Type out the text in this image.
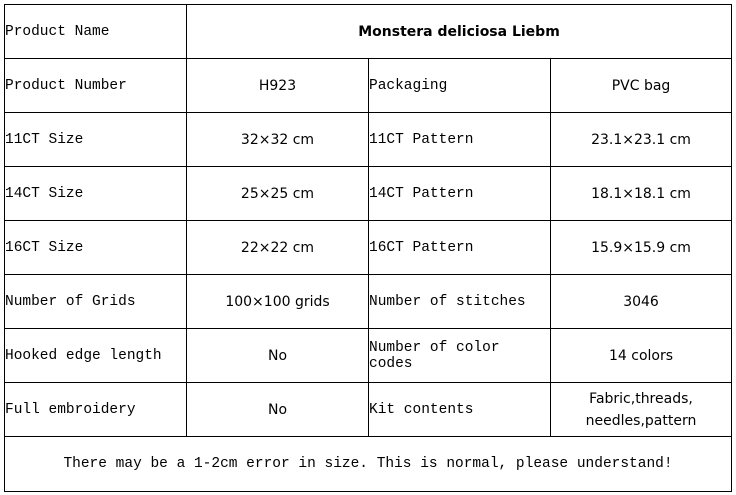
Product Name	Monstera deliciosa Liebm		
Product Number	H923	Packaging	PVC bag
11CT Size	32×32 cm	11CT Pattern	23.1×23.1 cm
14CT Size	25×25 cm	14CT Pattern	18.1×18.1 cm
16CT Size	22×22 cm	16CT Pattern	15.9×15.9 cm
Number of Grids	100×100 grids	Number of stitches	3046
Hooked edge length	No	Number of color codes	14 colors
Full embroidery	No	Kit contents	Fabric,threads,
needles,pattern
There may be a 1-2cm error in size. This is normal, please understand!			
